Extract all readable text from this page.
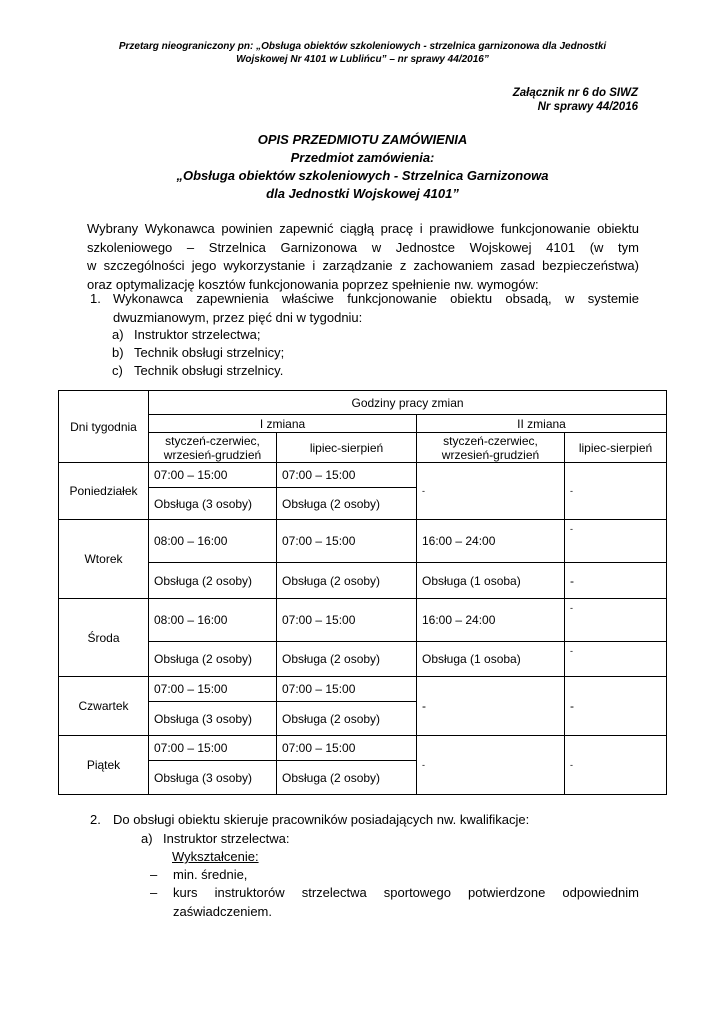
Przetarg nieograniczony pn: „Obsługa obiektów szkoleniowych - strzelnica garnizonowa dla Jednostki
Wojskowej Nr 4101 w Lublińcu” – nr sprawy 44/2016”
Załącznik nr 6 do SIWZ
Nr sprawy 44/2016
OPIS PRZEDMIOTU ZAMÓWIENIA
Przedmiot zamówienia:
„Obsługa obiektów szkoleniowych - Strzelnica Garnizonowa
dla Jednostki Wojskowej 4101”
Wybrany Wykonawca powinien zapewnić ciągłą pracę i prawidłowe funkcjonowanie obiektu
szkoleniowego – Strzelnica Garnizonowa w Jednostce Wojskowej 4101 (w tym
w szczególności jego wykorzystanie i zarządzanie z zachowaniem zasad bezpieczeństwa)
oraz optymalizację kosztów funkcjonowania poprzez spełnienie nw. wymogów:
1. Wykonawca zapewnienia właściwe funkcjonowanie obiektu obsadą, w systemie
dwuzmianowym, przez pięć dni w tygodniu:
a) Instruktor strzelectwa;
b) Technik obsługi strzelnicy;
c) Technik obsługi strzelnicy.
Dni tygodnia	Godziny pracy zmian			
	I zmiana		II zmiana	
	styczeń-czerwiec, wrzesień-grudzień	lipiec-sierpień	styczeń-czerwiec, wrzesień-grudzień	lipiec-sierpień
Poniedziałek	07:00 – 15:00	07:00 – 15:00	-	-
	Obsługa (3 osoby)	Obsługa (2 osoby)		
Wtorek	08:00 – 16:00	07:00 – 15:00	16:00 – 24:00	-
	Obsługa (2 osoby)	Obsługa (2 osoby)	Obsługa (1 osoba)	-
Środa	08:00 – 16:00	07:00 – 15:00	16:00 – 24:00	-
	Obsługa (2 osoby)	Obsługa (2 osoby)	Obsługa (1 osoba)	-
Czwartek	07:00 – 15:00	07:00 – 15:00	-	-
	Obsługa (3 osoby)	Obsługa (2 osoby)		
Piątek	07:00 – 15:00	07:00 – 15:00	-	-
	Obsługa (3 osoby)	Obsługa (2 osoby)		
2. Do obsługi obiektu skieruje pracowników posiadających nw. kwalifikacje:
a) Instruktor strzelectwa:
Wykształcenie:
– min. średnie,
– kurs instruktorów strzelectwa sportowego potwierdzone odpowiednim
zaświadczeniem.
